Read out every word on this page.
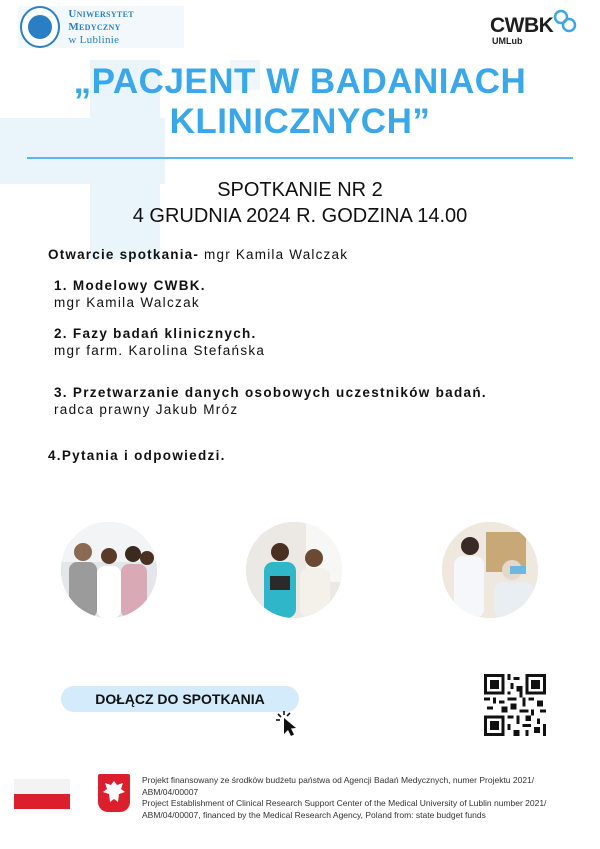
Uniwersytet Medyczny
w Lublinie
CWBK
UMLub
„PACJENT W BADANIACH
KLINICZNYCH”
SPOTKANIE NR 2
4 GRUDNIA 2024 R. GODZINA 14.00
Otwarcie spotkania- mgr Kamila Walczak
1. Modelowy CWBK.
mgr Kamila Walczak
2. Fazy badań klinicznych.
mgr farm. Karolina Stefańska
3. Przetwarzanie danych osobowych uczestników badań.
radca prawny Jakub Mróz
4.Pytania i odpowiedzi.
DOŁĄCZ DO SPOTKANIA
Projekt finansowany ze środków budżetu państwa od Agencji Badań Medycznych, numer Projektu 2021/ ABM/04/00007
Project Establishment of Clinical Research Support Center of the Medical University of Lublin number 2021/ ABM/04/00007, financed by the Medical Research Agency, Poland from: state budget funds
